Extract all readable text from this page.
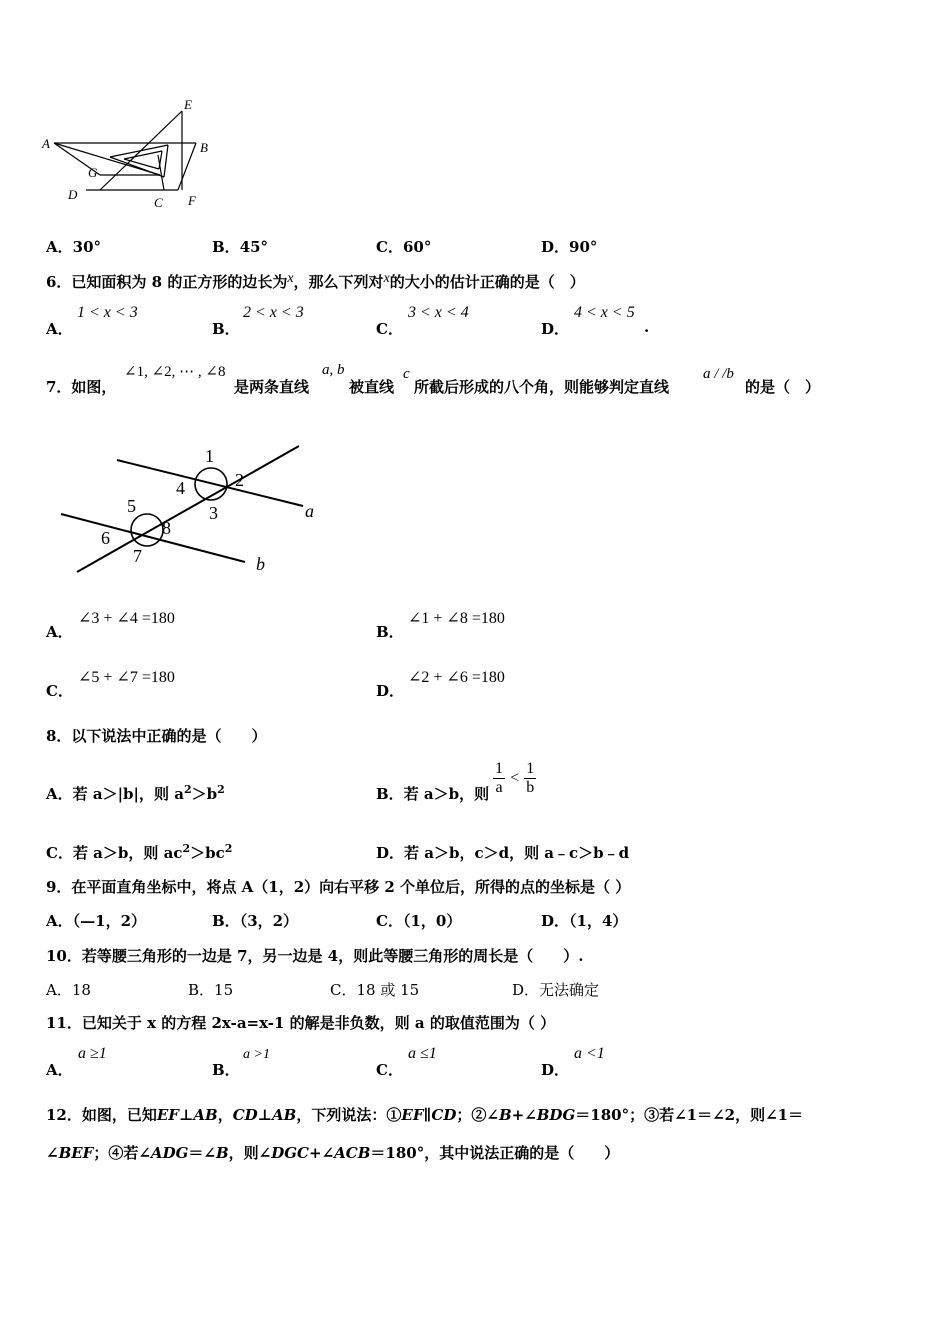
E
A	B
G
D
C F
A．30°	B．45°	C．60°	D．90°
6．已知面积为 8 的正方形的边长为x，那么下列对x的大小的估计正确的是（　）
A．
1 < x < 3
B．
2 < x < 3
C．
3 < x < 4
D．
4 < x < 5
.
7．如图，
∠1, ∠2, ⋯ , ∠8
是两条直线
a, b
被直线
c
所截后形成的八个角，则能够判定直线
a / /b
的是（　）
1
2
3
4
5
6
7
8
a
b
A．
∠3 + ∠4 =180
B．
∠1 + ∠8 =180
C．
∠5 + ∠7 =180
D．
∠2 + ∠6 =180
8．以下说法中正确的是（　　）
A．若 a＞|b|，则 $a^2>b^2$	B．若 a＞b，则 $\frac{1}{a} < \frac{1}{b}$
C．若 a＞b，则 $ac^2>bc^2$	D．若 a＞b，c＞d，则 a﹣c＞b﹣d
9．在平面直角坐标中，将点 A（1，2）向右平移 2 个单位后，所得的点的坐标是（ ）
A．（—1，2）	B．（3，2）	C．（1，0）	D．（1，4）
10．若等腰三角形的一边是 7，另一边是 4，则此等腰三角形的周长是（　　）.
A．18	B．15	C．18 或 15	D．无法确定
11．已知关于 x 的方程 2x-a=x-1 的解是非负数，则 a 的取值范围为（ ）
A．
a ≥1
B．
a >1
C．
a ≤1
D．
a <1
12．如图，已知EF⊥AB，CD⊥AB，下列说法：①EF∥CD；②∠B+∠BDG＝180°；③若∠1＝∠2，则∠1＝
∠BEF；④若∠ADG＝∠B，则∠DGC+∠ACB＝180°，其中说法正确的是（　　）
